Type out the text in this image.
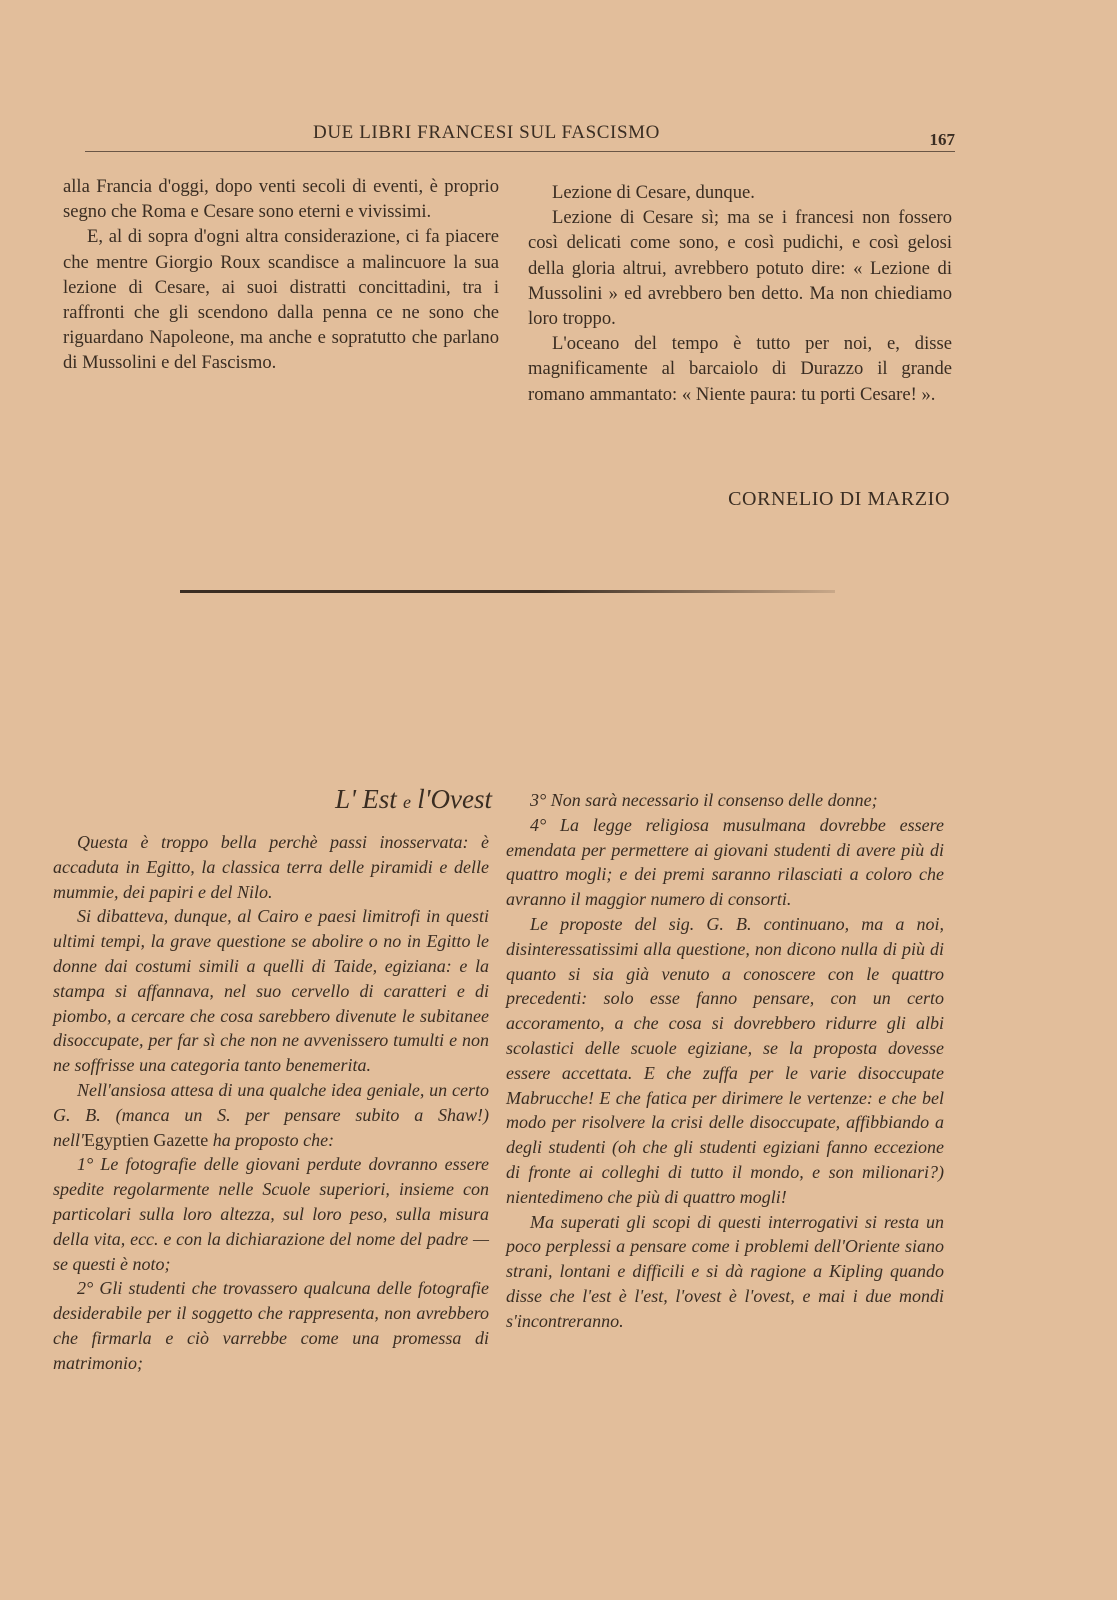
DUE LIBRI FRANCESI SUL FASCISMO	167

alla Francia d'oggi, dopo venti secoli di eventi, è proprio segno che Roma e Cesare sono eterni e vivissimi.

E, al di sopra d'ogni altra considerazione, ci fa piacere che mentre Giorgio Roux scandisce a malincuore la sua lezione di Cesare, ai suoi distratti concittadini, tra i raffronti che gli scendono dalla penna ce ne sono che riguardano Napoleone, ma anche e sopratutto che parlano di Mussolini e del Fascismo.

Lezione di Cesare, dunque.

Lezione di Cesare sì; ma se i francesi non fossero così delicati come sono, e così pudichi, e così gelosi della gloria altrui, avrebbero potuto dire: « Lezione di Mussolini » ed avrebbero ben detto. Ma non chiediamo loro troppo.

L'oceano del tempo è tutto per noi, e, disse magnificamente al barcaiolo di Durazzo il grande romano ammantato: « Niente paura: tu porti Cesare! ».

CORNELIO DI MARZIO
L' Est e l'Ovest

Questa è troppo bella perchè passi inosservata: è accaduta in Egitto, la classica terra delle piramidi e delle mummie, dei papiri e del Nilo.

Si dibatteva, dunque, al Cairo e paesi limitrofi in questi ultimi tempi, la grave questione se abolire o no in Egitto le donne dai costumi simili a quelli di Taide, egiziana: e la stampa si affannava, nel suo cervello di caratteri e di piombo, a cercare che cosa sarebbero divenute le subitanee disoccupate, per far sì che non ne avvenissero tumulti e non ne soffrisse una categoria tanto benemerita.

Nell'ansiosa attesa di una qualche idea geniale, un certo G. B. (manca un S. per pensare subito a Shaw!) nell'Egyptien Gazette ha proposto che:

1° Le fotografie delle giovani perdute dovranno essere spedite regolarmente nelle Scuole superiori, insieme con particolari sulla loro altezza, sul loro peso, sulla misura della vita, ecc. e con la dichiarazione del nome del padre — se questi è noto;

2° Gli studenti che trovassero qualcuna delle fotografie desiderabile per il soggetto che rappresenta, non avrebbero che firmarla e ciò varrebbe come una promessa di matrimonio;

3° Non sarà necessario il consenso delle donne;

4° La legge religiosa musulmana dovrebbe essere emendata per permettere ai giovani studenti di avere più di quattro mogli; e dei premi saranno rilasciati a coloro che avranno il maggior numero di consorti.

Le proposte del sig. G. B. continuano, ma a noi, disinteressatissimi alla questione, non dicono nulla di più di quanto si sia già venuto a conoscere con le quattro precedenti: solo esse fanno pensare, con un certo accoramento, a che cosa si dovrebbero ridurre gli albi scolastici delle scuole egiziane, se la proposta dovesse essere accettata. E che zuffa per le varie disoccupate Mabrucche! E che fatica per dirimere le vertenze: e che bel modo per risolvere la crisi delle disoccupate, affibbiando a degli studenti (oh che gli studenti egiziani fanno eccezione di fronte ai colleghi di tutto il mondo, e son milionari?) nientedimeno che più di quattro mogli!

Ma superati gli scopi di questi interrogativi si resta un poco perplessi a pensare come i problemi dell'Oriente siano strani, lontani e difficili e si dà ragione a Kipling quando disse che l'est è l'est, l'ovest è l'ovest, e mai i due mondi s'incontreranno.
